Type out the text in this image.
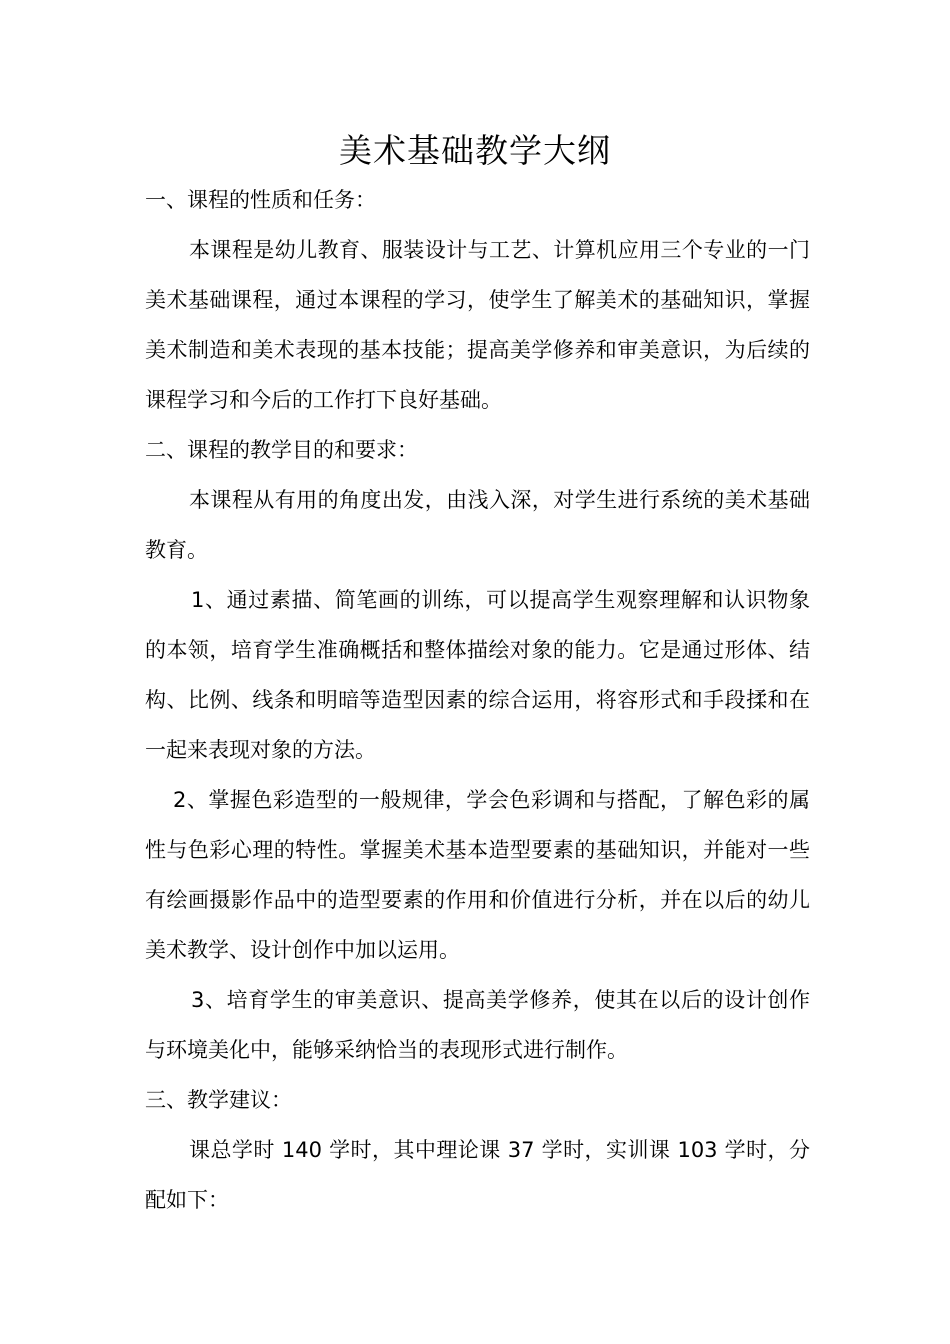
美术基础教学大纲

一、课程的性质和任务：

本课程是幼儿教育、服装设计与工艺、计算机应用三个专业的一门美术基础课程，通过本课程的学习，使学生了解美术的基础知识，掌握美术制造和美术表现的基本技能；提高美学修养和审美意识，为后续的课程学习和今后的工作打下良好基础。

二、课程的教学目的和要求：

本课程从有用的角度出发，由浅入深，对学生进行系统的美术基础教育。

1、通过素描、简笔画的训练，可以提高学生观察理解和认识物象的本领，培育学生准确概括和整体描绘对象的能力。它是通过形体、结构、比例、线条和明暗等造型因素的综合运用，将容形式和手段揉和在一起来表现对象的方法。

2、掌握色彩造型的一般规律，学会色彩调和与搭配，了解色彩的属性与色彩心理的特性。掌握美术基本造型要素的基础知识，并能对一些有绘画摄影作品中的造型要素的作用和价值进行分析，并在以后的幼儿美术教学、设计创作中加以运用。

3、培育学生的审美意识、提高美学修养，使其在以后的设计创作与环境美化中，能够采纳恰当的表现形式进行制作。

三、教学建议：

课总学时 140 学时，其中理论课 37 学时，实训课 103 学时，分配如下：
